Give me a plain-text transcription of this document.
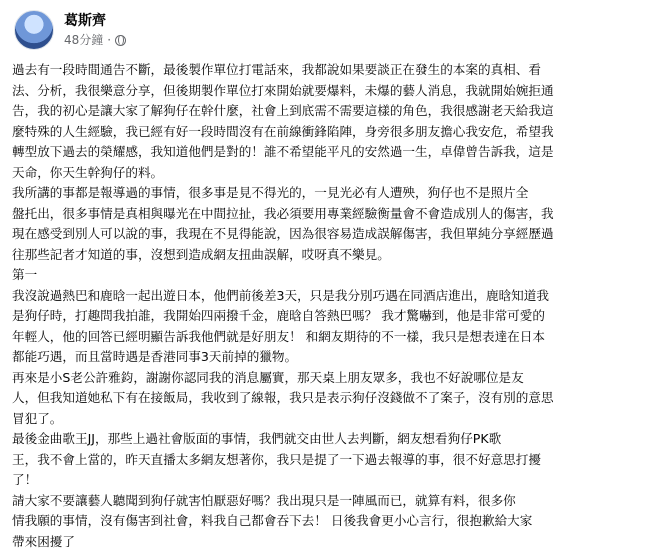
葛斯齊
48分鐘 ·
過去有一段時間通告不斷，最後製作單位打電話來，我都說如果要談正在發生的本案的真相、看
法、分析，我很樂意分享，但後期製作單位打來開始就要爆料，未爆的藝人消息，我就開始婉拒通
告，我的初心是讓大家了解狗仔在幹什麼，社會上到底需不需要這樣的角色，我很感謝老天給我這
麼特殊的人生經驗，我已經有好一段時間沒有在前線衝鋒陷陣，身旁很多朋友擔心我安危，希望我
轉型放下過去的榮耀感，我知道他們是對的！誰不希望能平凡的安然過一生，卓偉曾告訴我，這是
天命，你天生幹狗仔的料。
我所講的事都是報導過的事情，很多事是見不得光的，一見光必有人遭殃，狗仔也不是照片全
盤托出，很多事情是真相與曝光在中間拉扯，我必須要用專業經驗衡量會不會造成別人的傷害，我
現在感受到別人可以說的事，我現在不見得能說，因為很容易造成誤解傷害，我但單純分享經歷過
往那些記者才知道的事，沒想到造成網友扭曲誤解，哎呀真不樂見。
第一
我沒說過熱巴和鹿晗一起出遊日本，他們前後差3天，只是我分別巧遇在同酒店進出，鹿晗知道我
是狗仔時，打趣問我拍誰，我開始四兩撥千金，鹿晗自答熱巴嗎？ 我才驚嚇到，他是非常可愛的
年輕人，他的回答已經明顯告訴我他們就是好朋友！ 和網友期待的不一樣，我只是想表達在日本
都能巧遇，而且當時遇是香港同事3天前掉的獵物。
再來是小S老公許雅鈞，謝謝你認同我的消息屬實，那天桌上朋友眾多，我也不好說哪位是友
人，但我知道她私下有在接飯局，我收到了線報，我只是表示狗仔沒錢做不了案子，沒有別的意思
冒犯了。
最後金曲歌王JJ，那些上過社會版面的事情，我們就交由世人去判斷，網友想看狗仔PK歌
王，我不會上當的，昨天直播太多網友想著你，我只是提了一下過去報導的事，很不好意思打擾
了！
請大家不要讓藝人聽聞到狗仔就害怕厭惡好嗎？我出現只是一陣風而已，就算有料，很多你
情我願的事情，沒有傷害到社會，料我自己都會吞下去！ 日後我會更小心言行，很抱歉給大家
帶來困擾了
